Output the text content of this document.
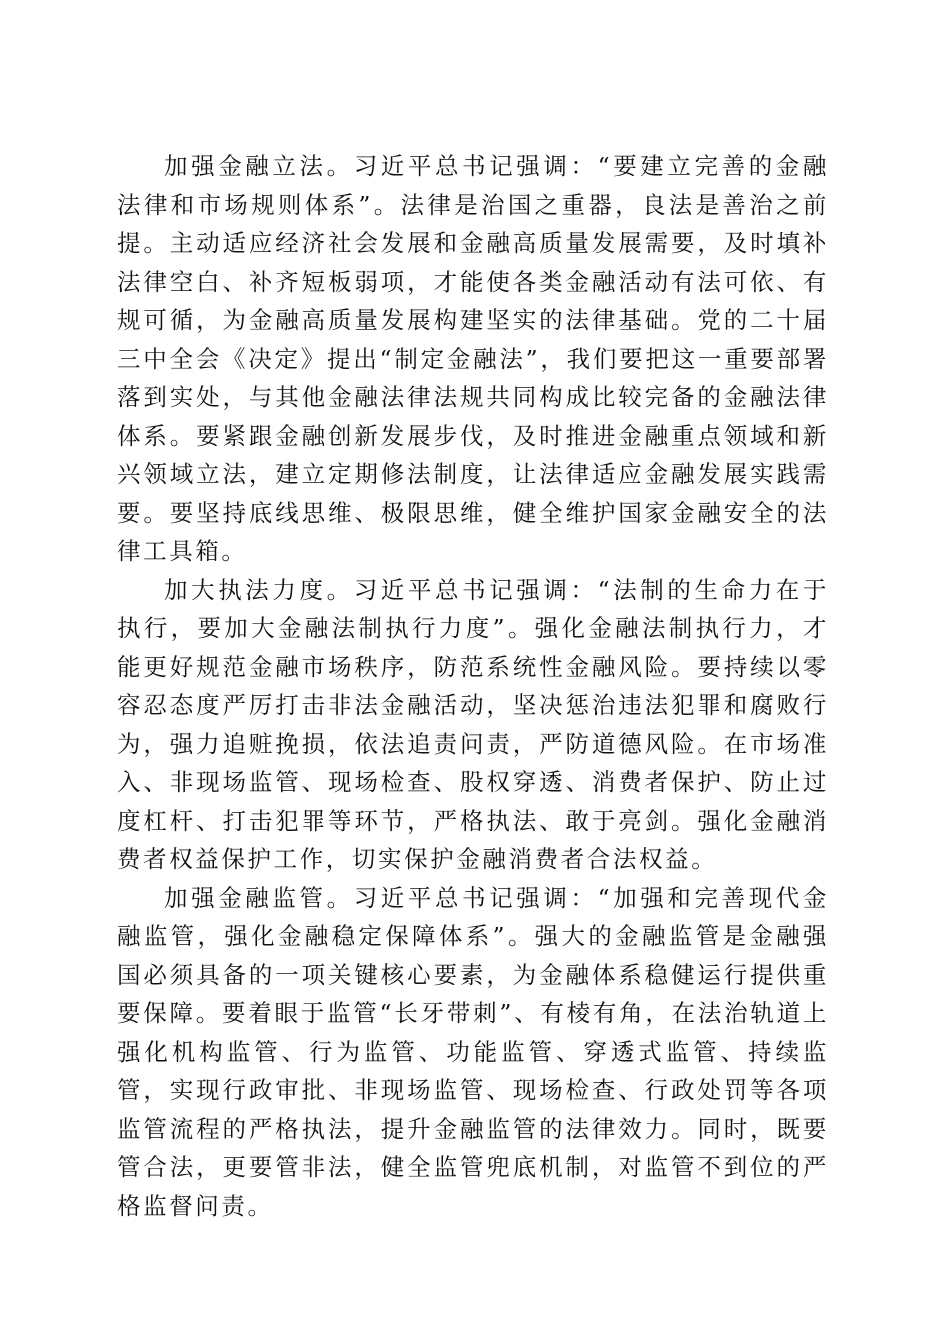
加强金融立法。习近平总书记强调：“要建立完善的金融法律和市场规则体系”。法律是治国之重器，良法是善治之前提。主动适应经济社会发展和金融高质量发展需要，及时填补法律空白、补齐短板弱项，才能使各类金融活动有法可依、有规可循，为金融高质量发展构建坚实的法律基础。党的二十届三中全会《决定》提出“制定金融法”，我们要把这一重要部署落到实处，与其他金融法律法规共同构成比较完备的金融法律体系。要紧跟金融创新发展步伐，及时推进金融重点领域和新兴领域立法，建立定期修法制度，让法律适应金融发展实践需要。要坚持底线思维、极限思维，健全维护国家金融安全的法律工具箱。

加大执法力度。习近平总书记强调：“法制的生命力在于执行，要加大金融法制执行力度”。强化金融法制执行力，才能更好规范金融市场秩序，防范系统性金融风险。要持续以零容忍态度严厉打击非法金融活动，坚决惩治违法犯罪和腐败行为，强力追赃挽损，依法追责问责，严防道德风险。在市场准入、非现场监管、现场检查、股权穿透、消费者保护、防止过度杠杆、打击犯罪等环节，严格执法、敢于亮剑。强化金融消费者权益保护工作，切实保护金融消费者合法权益。

加强金融监管。习近平总书记强调：“加强和完善现代金融监管，强化金融稳定保障体系”。强大的金融监管是金融强国必须具备的一项关键核心要素，为金融体系稳健运行提供重要保障。要着眼于监管“长牙带刺”、有棱有角，在法治轨道上强化机构监管、行为监管、功能监管、穿透式监管、持续监管，实现行政审批、非现场监管、现场检查、行政处罚等各项监管流程的严格执法，提升金融监管的法律效力。同时，既要管合法，更要管非法，健全监管兜底机制，对监管不到位的严格监督问责。
